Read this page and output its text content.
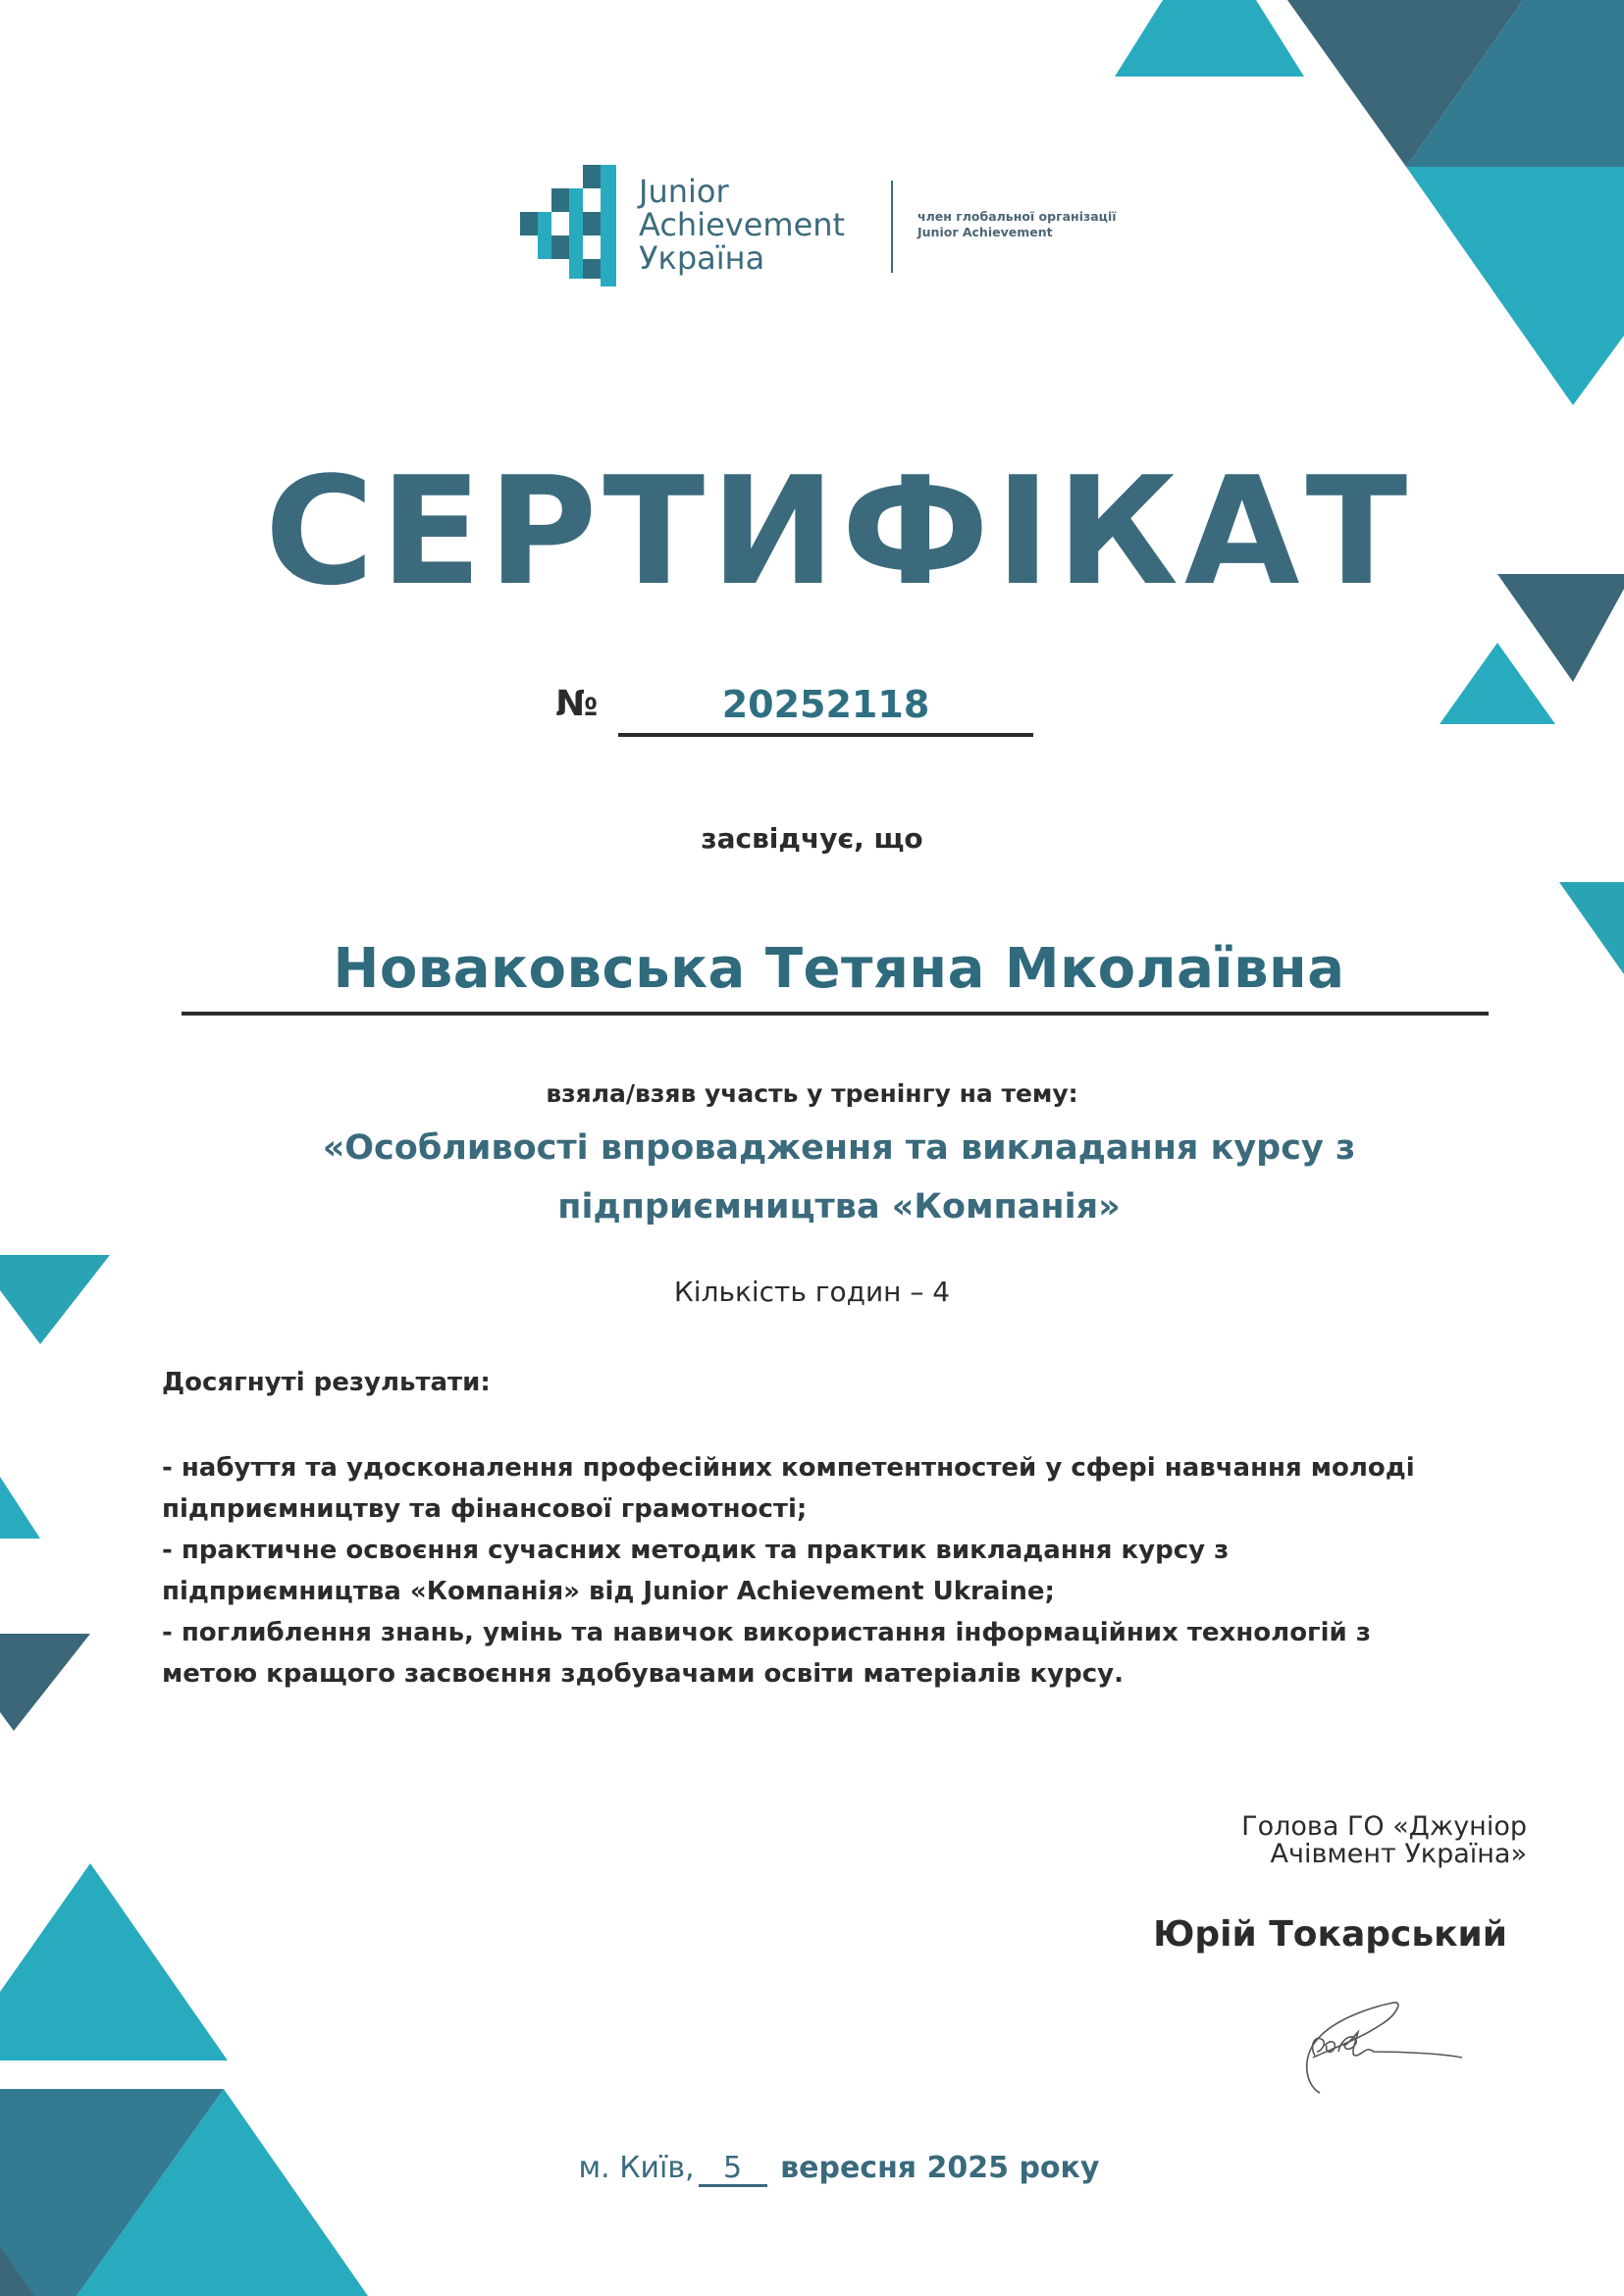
Junior
Achievement
Україна
член глобальної організації
Junior Achievement
СЕРТИФІКАТ
№	20252118
засвідчує, що
Новаковська Тетяна Мколаївна
взяла/взяв участь у тренінгу на тему:
«Особливості впровадження та викладання курсу з підприємництва «Компанія»
Кількість годин – 4
Досягнуті результати:

- набуття та удосконалення професійних компетентностей у сфері навчання молоді підприємництву та фінансової грамотності;

- практичне освоєння сучасних методик та практик викладання курсу з підприємництва «Компанія» від Junior Achievement Ukraine;

- поглиблення знань, умінь та навичок використання інформаційних технологій з метою кращого засвоєння здобувачами освіти матеріалів курсу.

Голова ГО «Джуніор
Ачівмент Україна»
Юрій Токарський
м. Київ, 5 вересня 2025 року
